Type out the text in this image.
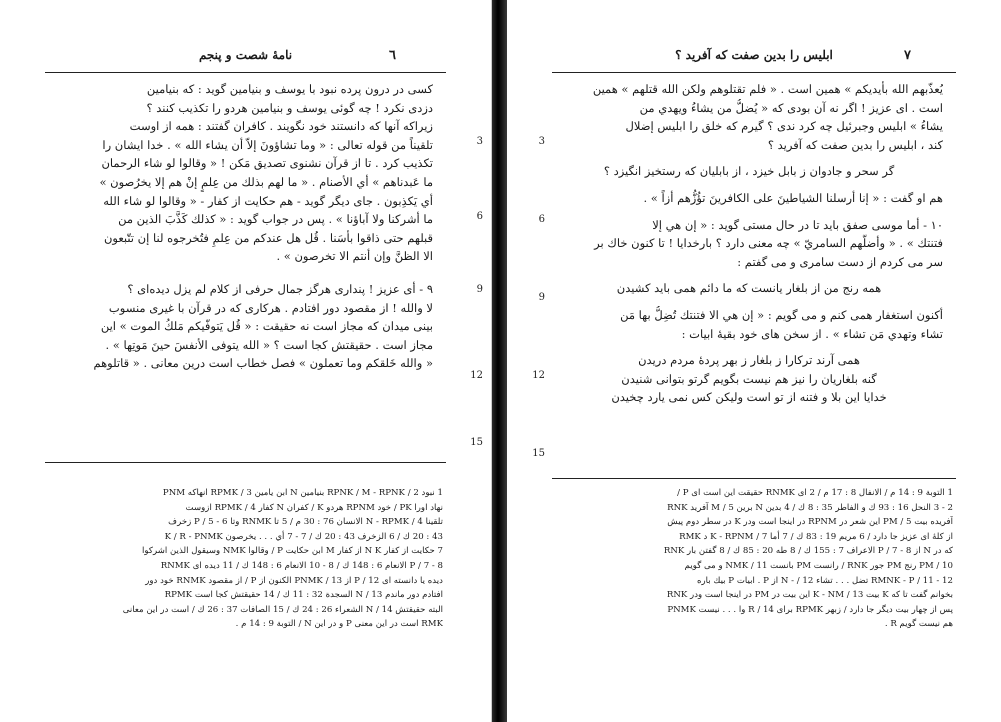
٦
نامهٔ شصت و پنجم
3
6
9
12
15
كسى در درون پرده نبود با يوسف و بنيامين گويد : كه بنيامين
دزدى نكرد ! چه گوئى يوسف و بنيامين هردو را تكذيب كنند ؟
زيراكه آنها كه دانستند خود نگويند . كافران گفتند : همه از اوست
تلقيناً من قوله تعالى : « وما تشاؤونَ إلاّ أن يشاء الله » . خدا ايشان را
تكذيب كرد . تا از قرآن نشنوى تصديق مَكن ! « وقالوا لو شاء الرحمان
ما عَبدناهم » أي الأصنام . « ما لهم بذلك من عِلمٍ إنْ هم إلا يخرُصون »
أي يَكذِبون . جاى ديگر گويد - هم حكايت از كفار - « وقالوا لو شاء الله
ما أشركنا ولا آباؤنا » . پس در جواب گويد : « كذلك كَذَّبَ الذين من
قبلهم حتى ذاقوا بأسَنا . قُل هل عندكم من عِلمٍ فتُخرجوه لنا إن تتّبعون
الا الظنَّ وإن أنتم الا تخرصون » .
٩ - أى عزيز ! پندارى هرگز جمال حرفى از كلام لم يزل ديده‌اى ؟
لا والله ! از مقصود دور افتادم . هركارى كه در قرآن با غيرى منسوب
بينى ميدان كه مجاز است نه حقيقت : « قُل يَتوفّيكم مَلكُ الموت » اين
مجاز است . حقيقتش كجا است ؟ « الله يتوفى الأنفسَ حينَ مَوتِها » .
« والله خَلقكم وما تعملون » فصل خطاب است درين معانى . « قاتلوهم
1 نبود RPNK / M - RPNK / 2 بنيامين N ابن يامين RPMK / 3 انهاكه PNM
نهاد اورا PK / خود RPNM هردو K / كفران N كفار RPMK / 4 ازوست
تلقينا N - RPMK / 4 الانسان 76 : 30 م / 5 تا RNMK وتا P / 5 - 6 زخرف
43 : 20 ك / 6 الزخرف 43 : 20 ك / 7 - 7 أي . . . يخرصون K / R - PNMK
7 حكايت از كفار N K از كفار M ابن حكايت P / وقالوا NMK وسيقول الذين اشركوا
P / 7 - 8 الانعام 6 : 148 ك / 8 - 10 الانعام 6 : 148 ك / 11 ديده اى RNMK
ديده يا دانسته اى P / 12 از PNMK / 13 الكنون از P / از مقصود RNMK خود دور
افتادم دور ماندم N / 13 السجدة 32 : 11 ك / 14 حقيقتش كجا است RPMK
البته حقيقتش N / 14 الشعراء 26 : 24 ك / 15 الصافات 37 : 26 ك / است در اين معانى
RMK است در اين معنى P و در اين N / التوبة 9 : 14 م .
٧
ابليس را بدين صفت كه آفريد ؟
3
6
9
12
15
يُعذّبهم الله بأيديكم » همين است . « فلم تقتلوهم ولكن الله قتلهم » همين
است . اى عزيز ! اگر نه آن بودى كه « يُضلُّ من يشاءُ ويهدي من
يشاءُ » ابليس وجبرئيل چه كرد ندى ؟ گيرم كه خلق را ابليس إضلال
كند ، ابليس را بدين صفت كه آفريد ؟
گر سحر و جادوان ز بابل خيزد ، از بابليان كه رستخيز انگيزد ؟
هم او گفت : « إنا أرسلنا الشياطينَ على الكافرينَ تؤُزُّهم أزاً » .
١٠ - أما موسى صفق بايد تا در حال مستى گويد : « إن هي إلا
فتنتك » . « وأضلَّهم السامريّ » چه معنى دارد ؟ بارخدايا ! تا كنون خاك بر
سر مى كردم از دست سامرى و مى گفتم :
همه رنج من از بلغار يانست كه ما دائم همى بايد كشيدن
أكنون استغفار همى كنم و مى گويم : « إن هي الا فتنتك تُضِلُّ بها مَن
تشاء وتهدي مَن تشاء » . از سخن هاى خود بقيهٔ ابيات :
همى آرند تركارا ز بلغار ز بهر پردهٔ مردم دريدن
گنه بلغاريان را نيز هم نيست بگويم گرتو بتوانى شنيدن
خدايا اين بلا و فتنه از تو است ولیكن كس نمى يارد چخيدن
1 التوبة 9 : 14 م / الانفال 8 : 17 م / 2 اى RNMK حقيقت اين است اى P /
2 - 3 النحل 16 : 93 ك و الفاطر 35 : 8 ك / 4 بدين N برين M / 5 آفريد RNK
آفريده بيت PM / 5 اين شعر در RPNM در اينجا است ودر K در سطر دوم پيش
از كلهٔ اى عزيز جا دارد / 6 مريم 19 : 83 ك / 7 أما K - RPNM / 7 د RMK
كه در N از P / 7 - 8 الاعراف 7 : 155 ك / 8 طه 20 : 85 ك / 8 گفتن بار RNK
PM / 10 رنج PM جور RNK / رانست PM بانست NMK / 11 و مى گويم
RMNK - P / 11 - 12 تضل . . . تشاء N - / 12 از P . ابيات P بيك باره
بخوانم گفت تا كه K بيت K - NM / 13 اين بيت در PM در اينجا است ودر RNK
پس از چهار بيت ديگر جا دارد / زبهر RPMK براى R / 14 وا . . . نيست PNMK
هم نيست گويم R .
